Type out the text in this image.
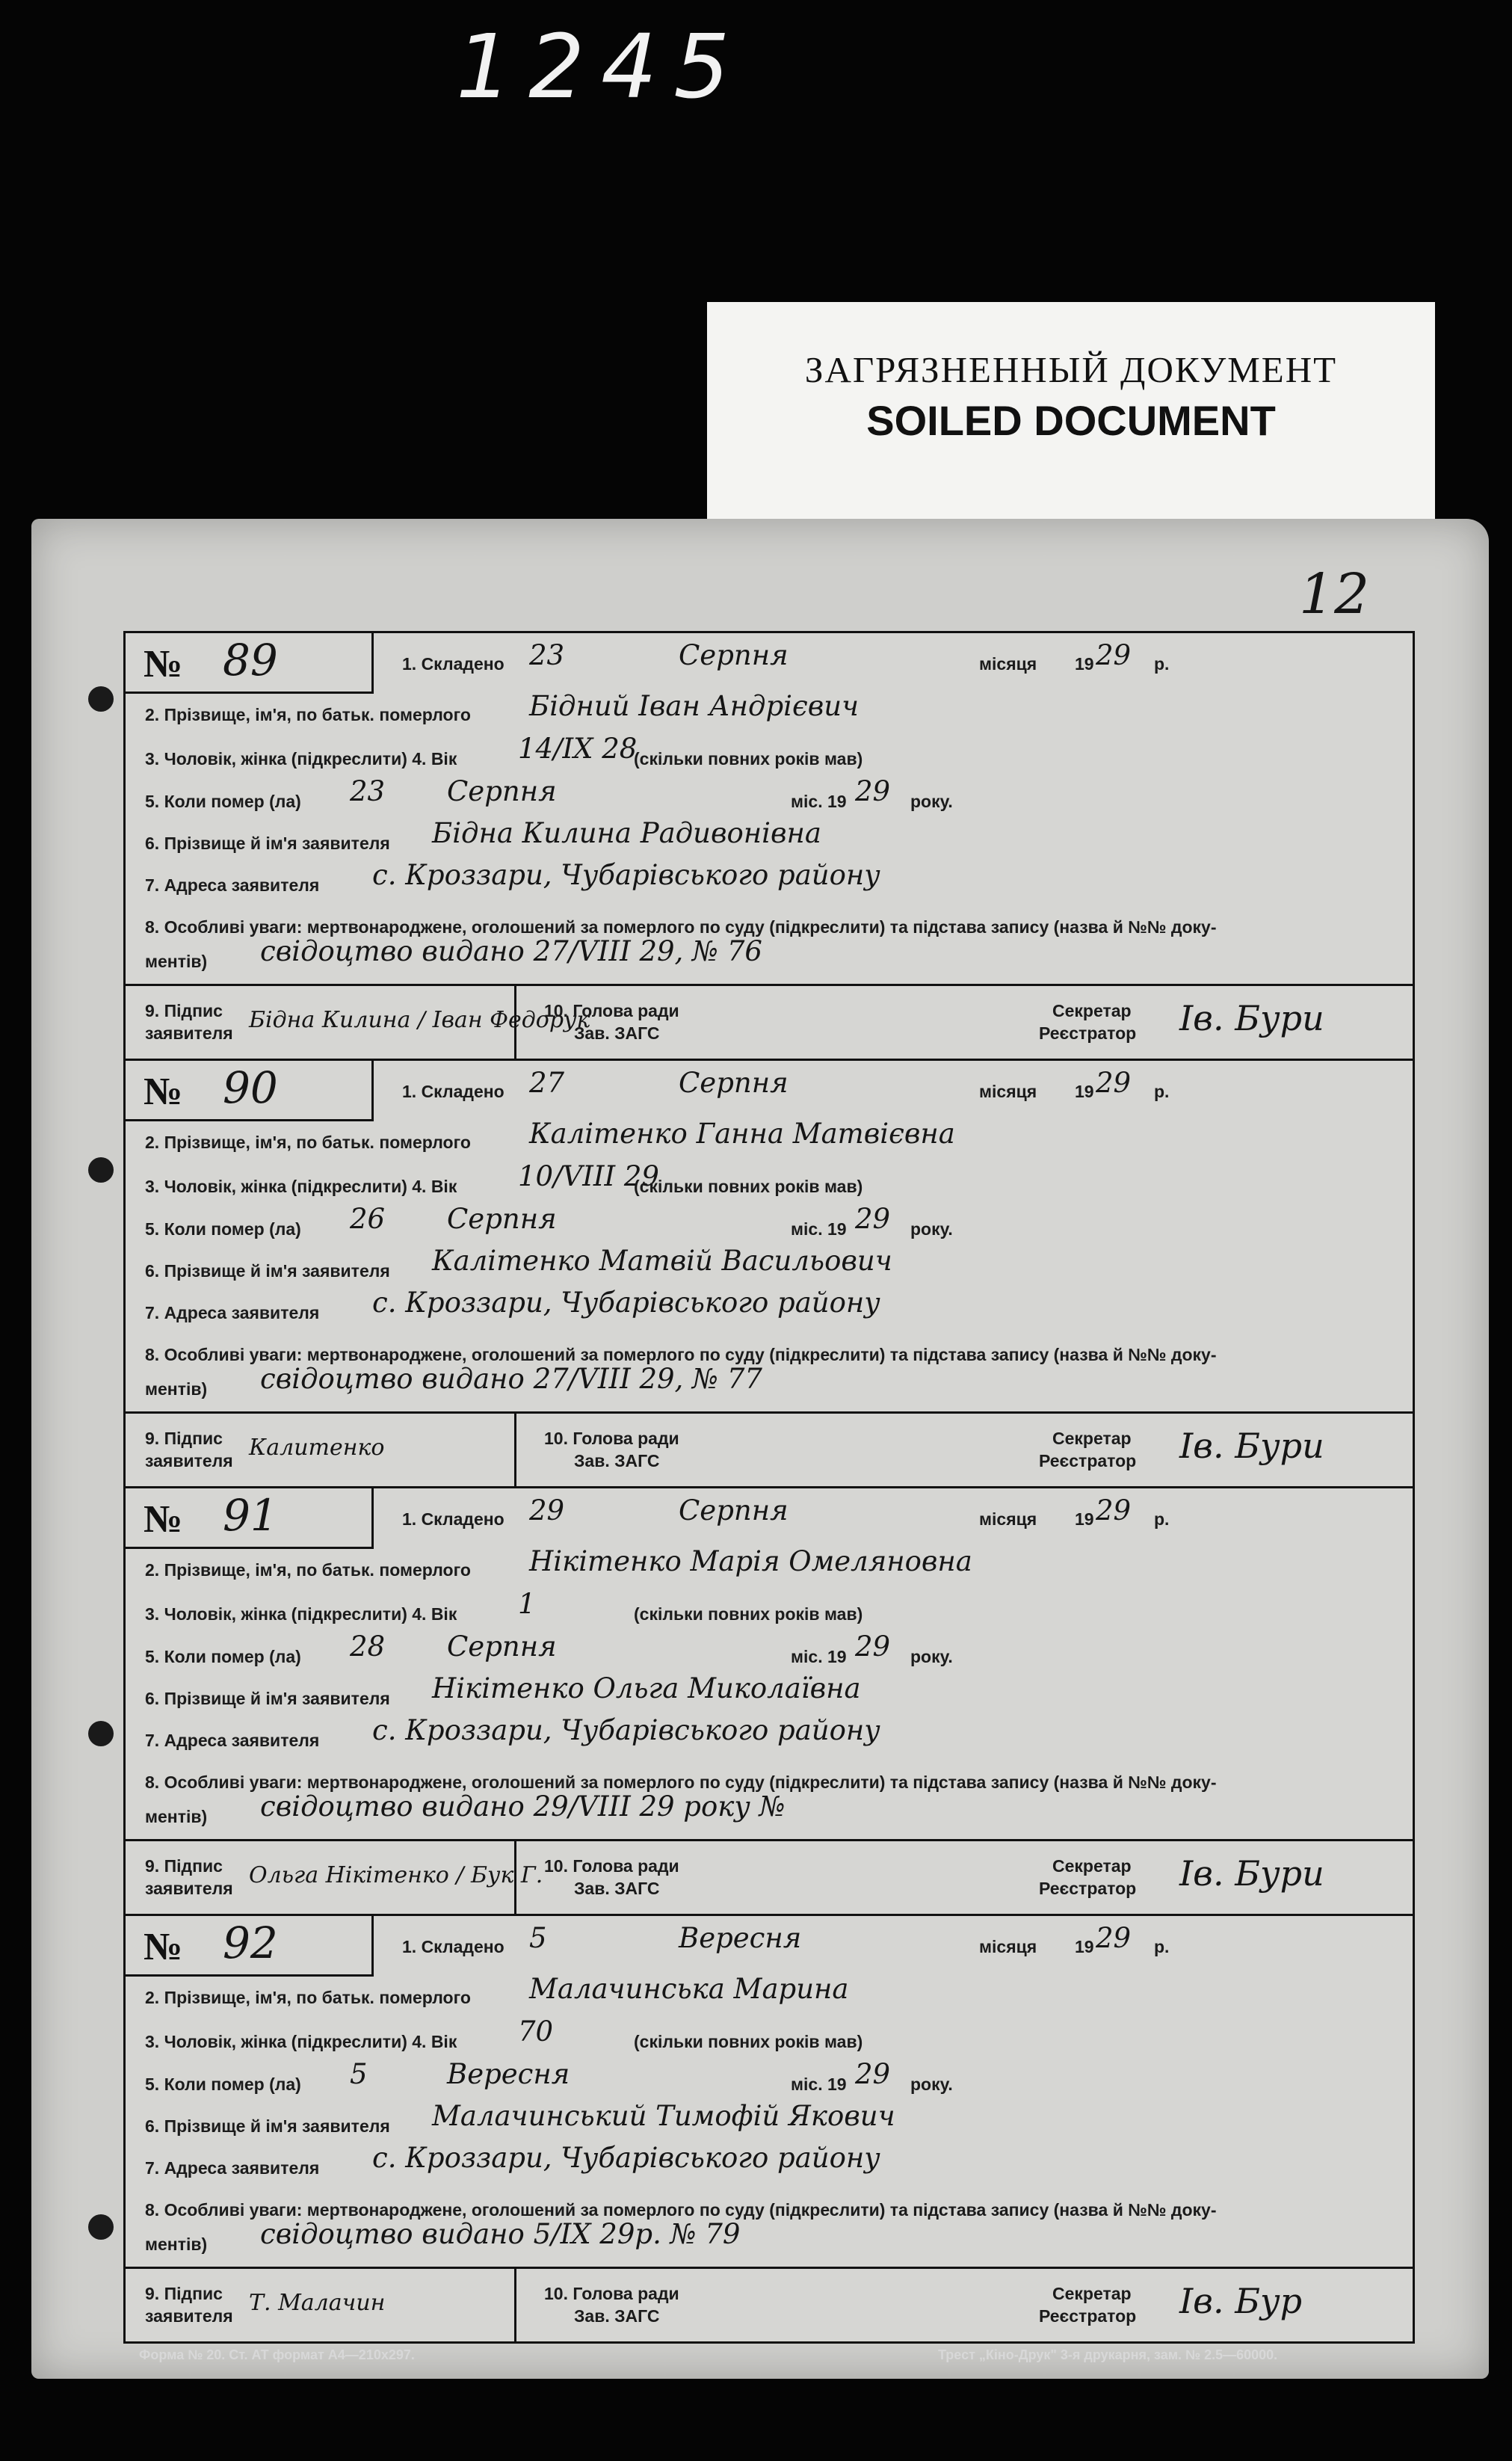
1245
ЗАГРЯЗНЕННЫЙ ДОКУМЕНТ
SOILED DOCUMENT
12
№ 89	1. Складено 23	Серпня	місяця 19 29 р.
2. Прізвище, ім'я, по батьк. померлого Бідний Іван Андрієвич
3. Чоловік, жінка (підкреслити) 4. Вік 14/IX 28
(скільки повних років мав)
5. Коли помер (ла) 23 Серпня	міс. 19 29 року.
6. Прізвище й ім'я заявителя Бідна Килина Радивонівна
7. Адреса заявителя с. Кроззари, Чубарівського району
8. Особливі уваги: мертвонароджене, оголошений за померлого по суду (підкреслити) та підстава запису (назва й №№ доку-
ментів) свідоцтво видано 27/VIII 29, № 76
9. Підпис
заявителя Бідна Килина / Іван Федорук
10. Голова ради
Зав. ЗАГС
Секретар
Реєстратор Ів. Бури
№ 90	1. Складено 27	Серпня	місяця 19 29 р.
2. Прізвище, ім'я, по батьк. померлого Калітенко Ганна Матвієвна
3. Чоловік, жінка (підкреслити) 4. Вік 10/VIII 29
(скільки повних років мав)
5. Коли помер (ла) 26 Серпня	міс. 19 29 року.
6. Прізвище й ім'я заявителя Калітенко Матвій Васильович
7. Адреса заявителя с. Кроззари, Чубарівського району
8. Особливі уваги: мертвонароджене, оголошений за померлого по суду (підкреслити) та підстава запису (назва й №№ доку-
ментів) свідоцтво видано 27/VIII 29, № 77
9. Підпис
заявителя Калитенко	10. Голова ради
Зав. ЗАГС
Секретар
Реєстратор Ів. Бури
№ 91	1. Складено 29	Серпня	місяця 19 29 р.
2. Прізвище, ім'я, по батьк. померлого Нікітенко Марія Омеляновна
3. Чоловік, жінка (підкреслити) 4. Вік 1	(скільки повних років мав)
5. Коли помер (ла) 28 Серпня	міс. 19 29 року.
6. Прізвище й ім'я заявителя Нікітенко Ольга Миколаївна
7. Адреса заявителя с. Кроззари, Чубарівського району
8. Особливі уваги: мертвонароджене, оголошений за померлого по суду (підкреслити) та підстава запису (назва й №№ доку-
ментів) свідоцтво видано 29/VIII 29 року №
9. Підпис
заявителя Ольга Нікітенко / Бук Г. 10. Голова ради
Зав. ЗАГС
Секретар
Реєстратор Ів. Бури
№ 92	1. Складено 5	Вересня	місяця 19 29 р.
2. Прізвище, ім'я, по батьк. померлого Малачинська Марина
3. Чоловік, жінка (підкреслити) 4. Вік 70	(скільки повних років мав)
5. Коли помер (ла) 5	Вересня	міс. 19 29 року.
6. Прізвище й ім'я заявителя Малачинський Тимофій Якович
7. Адреса заявителя с. Кроззари, Чубарівського району
8. Особливі уваги: мертвонароджене, оголошений за померлого по суду (підкреслити) та підстава запису (назва й №№ доку-
ментів) свідоцтво видано 5/IX 29р. № 79
9. Підпис
заявителя Т. Малачин	10. Голова ради
Зав. ЗАГС
Секретар
Реєстратор Ів. Бур
Форма № 20. Ст. АТ формат А4—210х297.	Трест „Кіно-Друк" 3-я друкарня, зам. № 2.5—60000.
